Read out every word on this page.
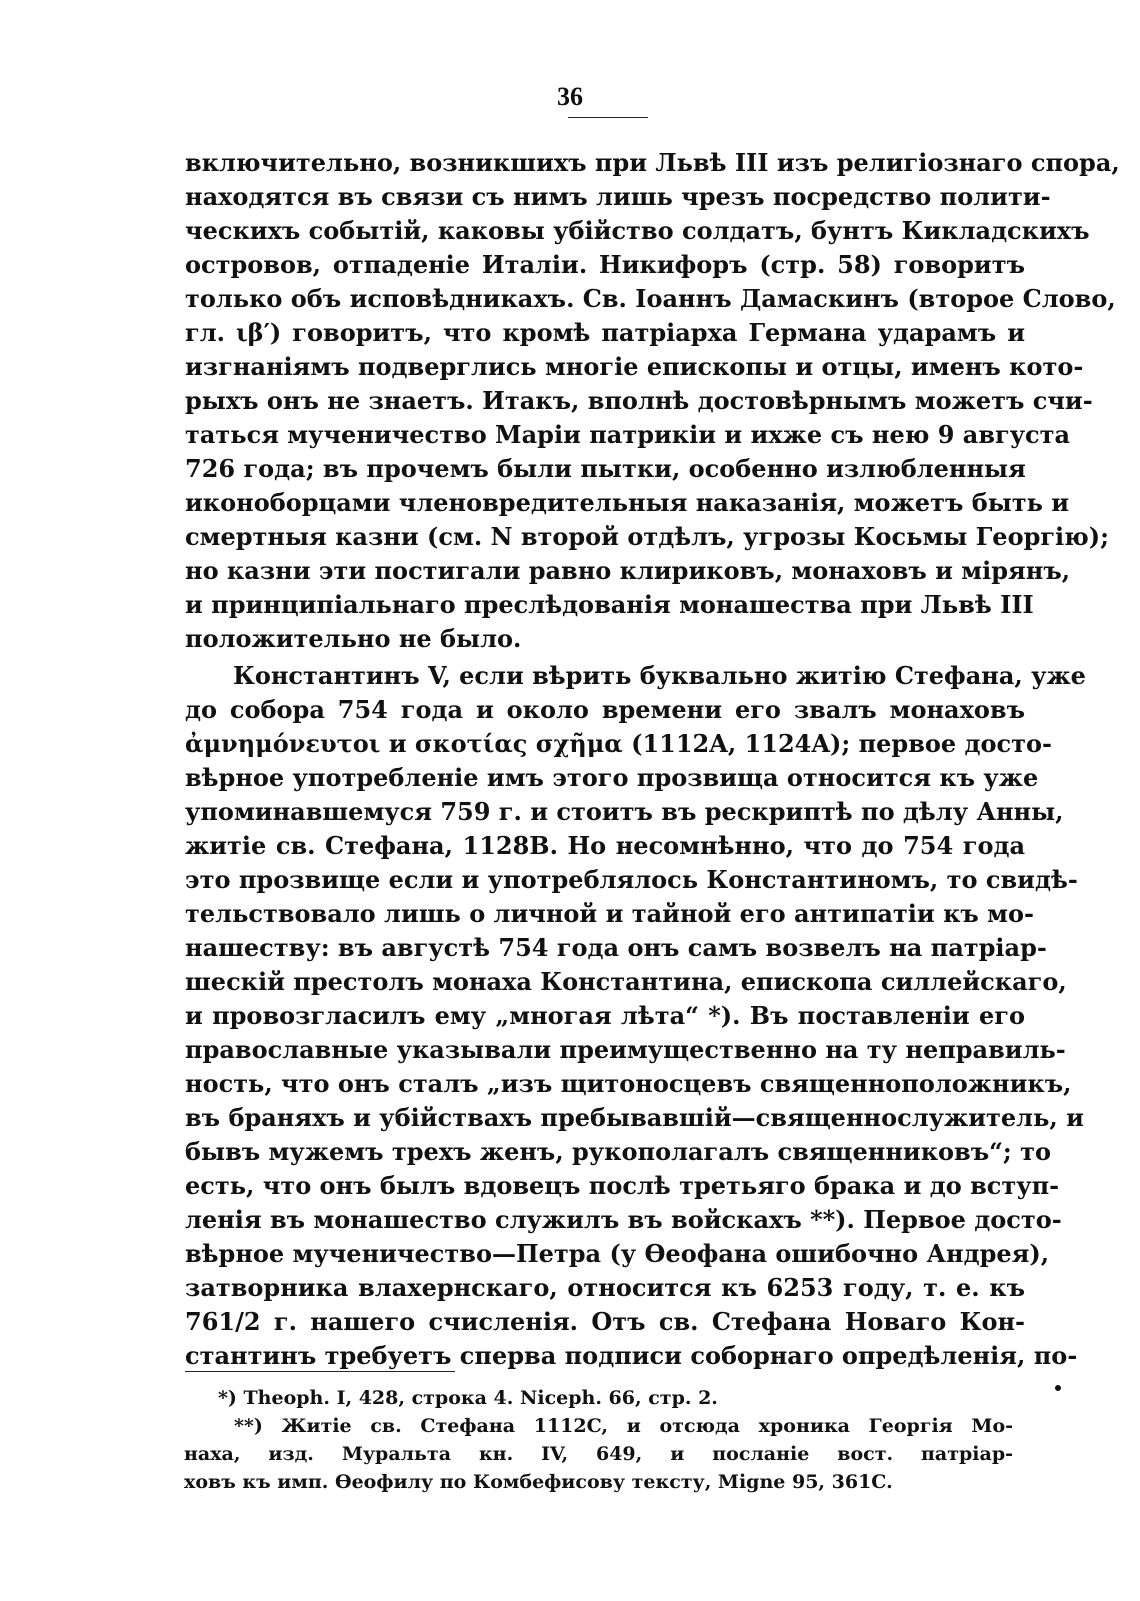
36
включительно, возникшихъ при Львѣ III изъ религіознаго спора,
находятся въ связи съ нимъ лишь чрезъ посредство полити-
ческихъ событій, каковы убійство солдатъ, бунтъ Кикладскихъ
островов, отпаденіе Италіи. Никифоръ (стр. 58) говоритъ
только объ исповѣдникахъ. Св. Іоаннъ Дамаскинъ (второе Слово,
гл. ιβ′) говоритъ, что кромѣ патріарха Германа ударамъ и
изгнаніямъ подверглись многіе епископы и отцы, именъ кото-
рыхъ онъ не знаетъ. Итакъ, вполнѣ достовѣрнымъ можетъ счи-
таться мученичество Маріи патрикіи и ихже съ нею 9 августа
726 года; въ прочемъ были пытки, особенно излюбленныя
иконоборцами членовредительныя наказанія, можетъ быть и
смертныя казни (см. N второй отдѣлъ, угрозы Косьмы Георгію);
но казни эти постигали равно клириковъ, монаховъ и мірянъ,
и принципіальнаго преслѣдованія монашества при Львѣ III
положительно не было.
Константинъ V, если вѣрить буквально житію Стефана, уже
до собора 754 года и около времени его звалъ монаховъ
ἀμνημόνευτοι и σκοτίας σχῆμα (1112A, 1124A); первое досто-
вѣрное употребленіе имъ этого прозвища относится къ уже
упоминавшемуся 759 г. и стоитъ въ рескриптѣ по дѣлу Анны,
житіе св. Стефана, 1128B. Но несомнѣнно, что до 754 года
это прозвище если и употреблялось Константиномъ, то свидѣ-
тельствовало лишь о личной и тайной его антипатіи къ мо-
нашеству: въ августѣ 754 года онъ самъ возвелъ на патріар-
шескій престолъ монаха Константина, епископа силлейскаго,
и провозгласилъ ему „многая лѣта“ *). Въ поставленіи его
православные указывали преимущественно на ту неправиль-
ность, что онъ сталъ „изъ щитоносцевъ священноположникъ,
въ браняхъ и убійствахъ пребывавшій—священнослужитель, и
бывъ мужемъ трехъ женъ, рукополагалъ священниковъ“; то
есть, что онъ былъ вдовецъ послѣ третьяго брака и до вступ-
ленія въ монашество служилъ въ войскахъ **). Первое досто-
вѣрное мученичество—Петра (у Ѳеофана ошибочно Андрея),
затворника влахернскаго, относится къ 6253 году, т. е. къ
761/2 г. нашего счисленія. Отъ св. Стефана Новаго Кон-
стантинъ требуетъ сперва подписи соборнаго опредѣленія, по-
*) Theoph. I, 428, строка 4. Niceph. 66, стр. 2.
**) Житіе св. Стефана 1112C, и отсюда хроника Георгія Мо-
наха, изд. Муральта кн. IV, 649, и посланіе вост. патріар-
ховъ къ имп. Ѳеофилу по Комбефисову тексту, Migne 95, 361C.
